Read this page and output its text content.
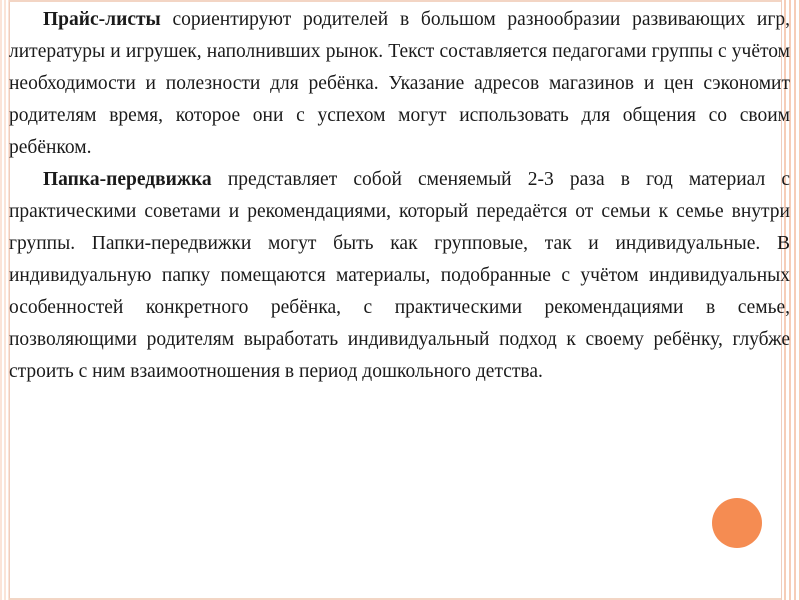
Прайс-листы сориентируют родителей в большом разнообразии развивающих игр, литературы и игрушек, наполнивших рынок. Текст составляется педагогами группы с учётом необходимости и полезности для ребёнка. Указание адресов магазинов и цен сэкономит родителям время, которое они с успехом могут использовать для общения со своим ребёнком.

Папка-передвижка представляет собой сменяемый 2-3 раза в год материал с практическими советами и рекомендациями, который передаётся от семьи к семье внутри группы. Папки-передвижки могут быть как групповые, так и индивидуальные. В индивидуальную папку помещаются материалы, подобранные с учётом индивидуальных особенностей конкретного ребёнка, с практическими рекомендациями в семье, позволяющими родителям выработать индивидуальный подход к своему ребёнку, глубже строить с ним взаимоотношения в период дошкольного детства.
